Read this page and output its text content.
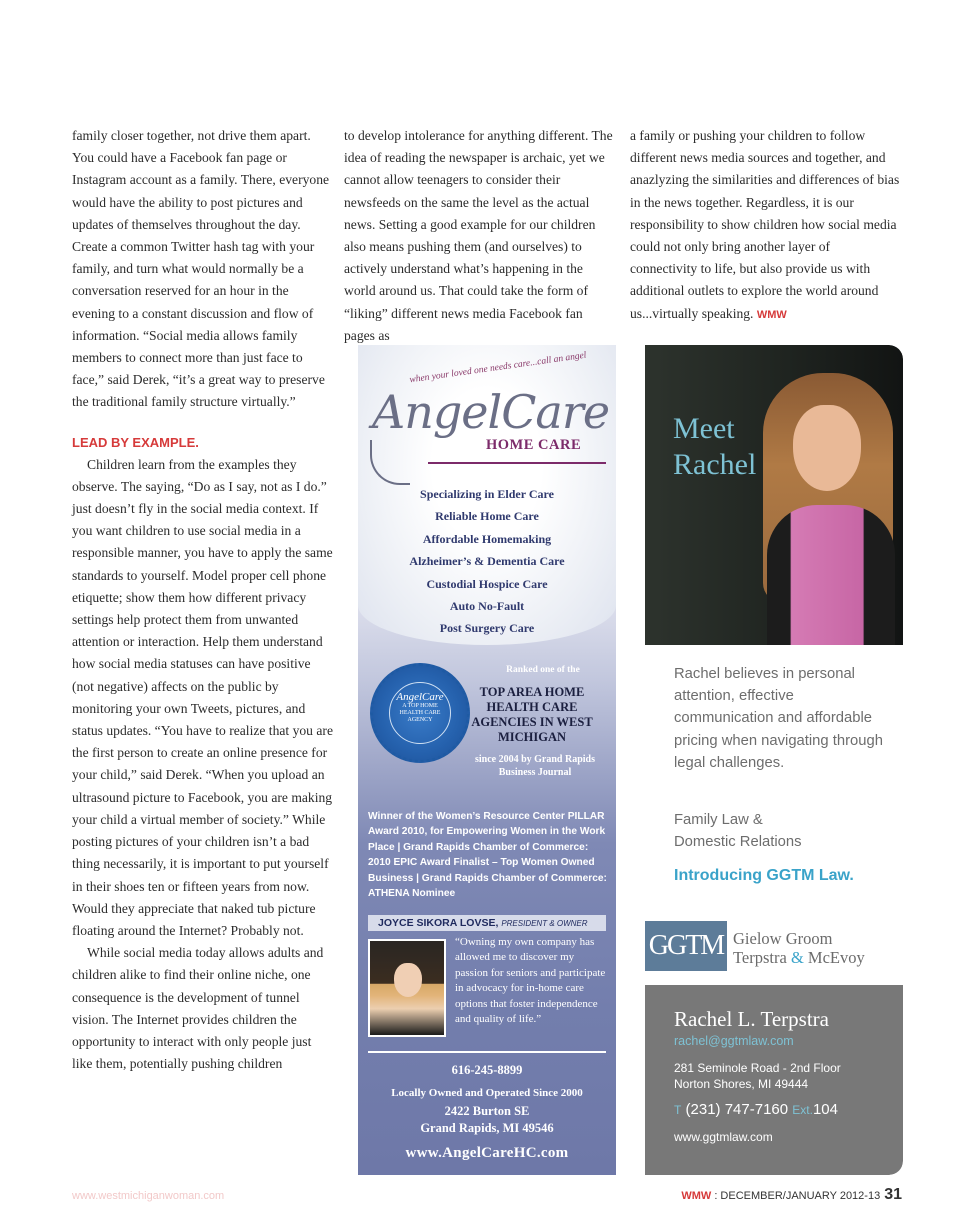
family closer together, not drive them apart. You could have a Facebook fan page or Instagram account as a family. There, everyone would have the ability to post pictures and updates of themselves throughout the day. Create a common Twitter hash tag with your family, and turn what would normally be a conversation reserved for an hour in the evening to a constant discussion and flow of information. “Social media allows family members to connect more than just face to face,” said Derek, “it’s a great way to preserve the traditional family structure virtually.”

LEAD BY EXAMPLE.

Children learn from the examples they observe. The saying, “Do as I say, not as I do.” just doesn’t fly in the social media context. If you want children to use social media in a responsible manner, you have to apply the same standards to yourself. Model proper cell phone etiquette; show them how different privacy settings help protect them from unwanted attention or interaction. Help them understand how social media statuses can have positive (not negative) affects on the public by monitoring your own Tweets, pictures, and status updates. “You have to realize that you are the first person to create an online presence for your child,” said Derek. “When you upload an ultrasound picture to Facebook, you are making your child a virtual member of society.” While posting pictures of your children isn’t a bad thing necessarily, it is important to put yourself in their shoes ten or fifteen years from now. Would they appreciate that naked tub picture floating around the Internet? Probably not.

While social media today allows adults and children alike to find their online niche, one consequence is the development of tunnel vision. The Internet provides children the opportunity to interact with only people just like them, potentially pushing children

to develop intolerance for anything different. The idea of reading the newspaper is archaic, yet we cannot allow teenagers to consider their newsfeeds on the same the level as the actual news. Setting a good example for our children also means pushing them (and ourselves) to actively understand what’s happening in the world around us. That could take the form of “liking” different news media Facebook fan pages as

a family or pushing your children to follow different news media sources and together, and anazlyzing the similarities and differences of bias in the news together. Regardless, it is our responsibility to show children how social media could not only bring another layer of connectivity to life, but also provide us with additional outlets to explore the world around us...virtually speaking. WMW

when your loved one needs care...call an angel
AngelCare
HOME CARE
Specializing in Elder Care
Reliable Home Care
Affordable Homemaking
Alzheimer’s & Dementia Care
Custodial Hospice Care
Auto No-Fault
Post Surgery Care
AngelCare
A TOP HOME HEALTH CARE AGENCY
Ranked one of the
TOP AREA HOME HEALTH CARE AGENCIES IN WEST MICHIGAN
since 2004 by Grand Rapids Business Journal
Winner of the Women’s Resource Center PILLAR Award 2010, for Empowering Women in the Work Place | Grand Rapids Chamber of Commerce: 2010 EPIC Award Finalist – Top Women Owned Business | Grand Rapids Chamber of Commerce: ATHENA Nominee
JOYCE SIKORA LOVSE, PRESIDENT & OWNER
“Owning my own company has allowed me to discover my passion for seniors and participate in advocacy for in-home care options that foster independence and quality of life.”
616-245-8899
Locally Owned and Operated Since 2000
2422 Burton SE
Grand Rapids, MI 49546
www.AngelCareHC.com
Meet
Rachel
Rachel believes in personal attention, effective communication and affordable pricing when navigating through legal challenges.
Family Law &
Domestic Relations
Introducing GGTM Law.
GGTM Gielow Groom
Terpstra & McEvoy
Rachel L. Terpstra
rachel@ggtmlaw.com
281 Seminole Road - 2nd Floor
Norton Shores, MI 49444
T (231) 747-7160 Ext.104
www.ggtmlaw.com
www.westmichiganwoman.com	WMW : DECEMBER/JANUARY 2012-13 31
